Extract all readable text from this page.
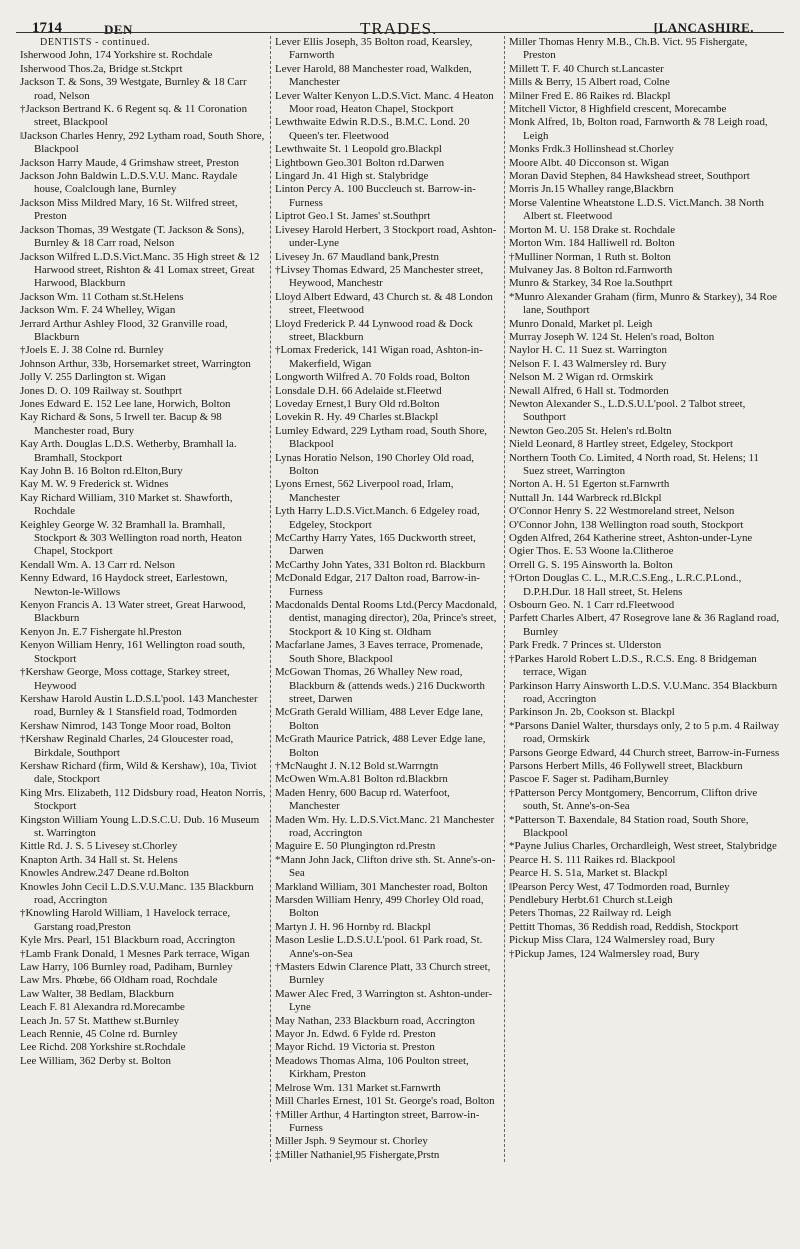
1714	DEN	TRADES.	[LANCASHIRE.
DENTISTS - continued.
Isherwood John, 174 Yorkshire st. Rochdale
Isherwood Thos.2a, Bridge st.Stckprt
Jackson T. & Sons, 39 Westgate, Burnley & 18 Carr road, Nelson
†Jackson Bertrand K. 6 Regent sq. & 11 Coronation street, Blackpool
‖Jackson Charles Henry, 292 Lytham road, South Shore, Blackpool
Jackson Harry Maude, 4 Grimshaw street, Preston
Jackson John Baldwin L.D.S.V.U. Manc. Raydale house, Coalclough lane, Burnley
Jackson Miss Mildred Mary, 16 St. Wilfred street, Preston
Jackson Thomas, 39 Westgate (T. Jackson & Sons), Burnley & 18 Carr road, Nelson
Jackson Wilfred L.D.S.Vict.Manc. 35 High street & 12 Harwood street, Rishton & 41 Lomax street, Great Harwood, Blackburn
Jackson Wm. 11 Cotham st.St.Helens
Jackson Wm. F. 24 Whelley, Wigan
Jerrard Arthur Ashley Flood, 32 Granville road, Blackburn
†Joels E. J. 38 Colne rd. Burnley
Johnson Arthur, 33b, Horsemarket street, Warrington
Jolly V. 255 Darlington st. Wigan
Jones D. O. 109 Railway st. Southprt
Jones Edward E. 152 Lee lane, Horwich, Bolton
Kay Richard & Sons, 5 Irwell ter. Bacup & 98 Manchester road, Bury
Kay Arth. Douglas L.D.S. Wetherby, Bramhall la. Bramhall, Stockport
Kay John B. 16 Bolton rd.Elton,Bury
Kay M. W. 9 Frederick st. Widnes
Kay Richard William, 310 Market st. Shawforth, Rochdale
Keighley George W. 32 Bramhall la. Bramhall, Stockport & 303 Wellington road north, Heaton Chapel, Stockport
Kendall Wm. A. 13 Carr rd. Nelson
Kenny Edward, 16 Haydock street, Earlestown, Newton-le-Willows
Kenyon Francis A. 13 Water street, Great Harwood, Blackburn
Kenyon Jn. E.7 Fishergate hl.Preston
Kenyon William Henry, 161 Wellington road south, Stockport
†Kershaw George, Moss cottage, Starkey street, Heywood
Kershaw Harold Austin L.D.S.L'pool. 143 Manchester road, Burnley & 1 Stansfield road, Todmorden
Kershaw Nimrod, 143 Tonge Moor road, Bolton
†Kershaw Reginald Charles, 24 Gloucester road, Birkdale, Southport
Kershaw Richard (firm, Wild & Kershaw), 10a, Tiviot dale, Stockport
King Mrs. Elizabeth, 112 Didsbury road, Heaton Norris, Stockport
Kingston William Young L.D.S.C.U. Dub. 16 Museum st. Warrington
Kittle Rd. J. S. 5 Livesey st.Chorley
Knapton Arth. 34 Hall st. St. Helens
Knowles Andrew.247 Deane rd.Bolton
Knowles John Cecil L.D.S.V.U.Manc. 135 Blackburn road, Accrington
†Knowling Harold William, 1 Havelock terrace, Garstang road,Preston
Kyle Mrs. Pearl, 151 Blackburn road, Accrington
†Lamb Frank Donald, 1 Mesnes Park terrace, Wigan
Law Harry, 106 Burnley road, Padiham, Burnley
Law Mrs. Phœbe, 66 Oldham road, Rochdale
Law Walter, 38 Bedlam, Blackburn
Leach F. 81 Alexandra rd.Morecambe
Leach Jn. 57 St. Matthew st.Burnley
Leach Rennie, 45 Colne rd. Burnley
Lee Richd. 208 Yorkshire st.Rochdale
Lee William, 362 Derby st. Bolton
Lever Ellis Joseph, 35 Bolton road, Kearsley, Farnworth
Lever Harold, 88 Manchester road, Walkden, Manchester
Lever Walter Kenyon L.D.S.Vict. Manc. 4 Heaton Moor road, Heaton Chapel, Stockport
Lewthwaite Edwin R.D.S., B.M.C. Lond. 20 Queen's ter. Fleetwood
Lewthwaite St. 1 Leopold gro.Blackpl
Lightbown Geo.301 Bolton rd.Darwen
Lingard Jn. 41 High st. Stalybridge
Linton Percy A. 100 Buccleuch st. Barrow-in-Furness
Liptrot Geo.1 St. James' st.Southprt
Livesey Harold Herbert, 3 Stockport road, Ashton-under-Lyne
Livesey Jn. 67 Maudland bank,Prestn
†Livsey Thomas Edward, 25 Manchester street, Heywood, Manchestr
Lloyd Albert Edward, 43 Church st. & 48 London street, Fleetwood
Lloyd Frederick P. 44 Lynwood road & Dock street, Blackburn
†Lomax Frederick, 141 Wigan road, Ashton-in-Makerfield, Wigan
Longworth Wilfred A. 70 Folds road, Bolton
Lonsdale D.H. 66 Adelaide st.Fleetwd
Loveday Ernest,1 Bury Old rd.Bolton
Lovekin R. Hy. 49 Charles st.Blackpl
Lumley Edward, 229 Lytham road, South Shore, Blackpool
Lynas Horatio Nelson, 190 Chorley Old road, Bolton
Lyons Ernest, 562 Liverpool road, Irlam, Manchester
Lyth Harry L.D.S.Vict.Manch. 6 Edgeley road, Edgeley, Stockport
McCarthy Harry Yates, 165 Duckworth street, Darwen
McCarthy John Yates, 331 Bolton rd. Blackburn
McDonald Edgar, 217 Dalton road, Barrow-in-Furness
Macdonalds Dental Rooms Ltd.(Percy Macdonald, dentist, managing director), 20a, Prince's street, Stockport & 10 King st. Oldham
Macfarlane James, 3 Eaves terrace, Promenade, South Shore, Blackpool
McGowan Thomas, 26 Whalley New road, Blackburn & (attends weds.) 216 Duckworth street, Darwen
McGrath Gerald William, 488 Lever Edge lane, Bolton
McGrath Maurice Patrick, 488 Lever Edge lane, Bolton
†McNaught J. N.12 Bold st.Warrngtn
McOwen Wm.A.81 Bolton rd.Blackbrn
Maden Henry, 600 Bacup rd. Waterfoot, Manchester
Maden Wm. Hy. L.D.S.Vict.Manc. 21 Manchester road, Accrington
Maguire E. 50 Plungington rd.Prestn
*Mann John Jack, Clifton drive sth. St. Anne's-on-Sea
Markland William, 301 Manchester road, Bolton
Marsden William Henry, 499 Chorley Old road, Bolton
Martyn J. H. 96 Hornby rd. Blackpl
Mason Leslie L.D.S.U.L'pool. 61 Park road, St. Anne's-on-Sea
†Masters Edwin Clarence Platt, 33 Church street, Burnley
Mawer Alec Fred, 3 Warrington st. Ashton-under-Lyne
May Nathan, 233 Blackburn road, Accrington
Mayor Jn. Edwd. 6 Fylde rd. Preston
Mayor Richd. 19 Victoria st. Preston
Meadows Thomas Alma, 106 Poulton street, Kirkham, Preston
Melrose Wm. 131 Market st.Farnwrth
Mill Charles Ernest, 101 St. George's road, Bolton
†Miller Arthur, 4 Hartington street, Barrow-in-Furness
Miller Jsph. 9 Seymour st. Chorley
‡Miller Nathaniel,95 Fishergate,Prstn
Miller Thomas Henry M.B., Ch.B. Vict. 95 Fishergate, Preston
Millett T. F. 40 Church st.Lancaster
Mills & Berry, 15 Albert road, Colne
Milner Fred E. 86 Raikes rd. Blackpl
Mitchell Victor, 8 Highfield crescent, Morecambe
Monk Alfred, 1b, Bolton road, Farnworth & 78 Leigh road, Leigh
Monks Frdk.3 Hollinshead st.Chorley
Moore Albt. 40 Dicconson st. Wigan
Moran David Stephen, 84 Hawkshead street, Southport
Morris Jn.15 Whalley range,Blackbrn
Morse Valentine Wheatstone L.D.S. Vict.Manch. 38 North Albert st. Fleetwood
Morton M. U. 158 Drake st. Rochdale
Morton Wm. 184 Halliwell rd. Bolton
†Mulliner Norman, 1 Ruth st. Bolton
Mulvaney Jas. 8 Bolton rd.Farnworth
Munro & Starkey, 34 Roe la.Southprt
*Munro Alexander Graham (firm, Munro & Starkey), 34 Roe lane, Southport
Munro Donald, Market pl. Leigh
Murray Joseph W. 124 St. Helen's road, Bolton
Naylor H. C. 11 Suez st. Warrington
Nelson F. I. 43 Walmersley rd. Bury
Nelson M. 2 Wigan rd. Ormskirk
Newall Alfred, 6 Hall st. Todmorden
Newton Alexander S., L.D.S.U.L'pool. 2 Talbot street, Southport
Newton Geo.205 St. Helen's rd.Boltn
Nield Leonard, 8 Hartley street, Edgeley, Stockport
Northern Tooth Co. Limited, 4 North road, St. Helens; 11 Suez street, Warrington
Norton A. H. 51 Egerton st.Farnwrth
Nuttall Jn. 144 Warbreck rd.Blckpl
O'Connor Henry S. 22 Westmoreland street, Nelson
O'Connor John, 138 Wellington road south, Stockport
Ogden Alfred, 264 Katherine street, Ashton-under-Lyne
Ogier Thos. E. 53 Woone la.Clitheroe
Orrell G. S. 195 Ainsworth la. Bolton
†Orton Douglas C. L., M.R.C.S.Eng., L.R.C.P.Lond., D.P.H.Dur. 18 Hall street, St. Helens
Osbourn Geo. N. 1 Carr rd.Fleetwood
Parfett Charles Albert, 47 Rosegrove lane & 36 Ragland road, Burnley
Park Fredk. 7 Princes st. Ulderston
†Parkes Harold Robert L.D.S., R.C.S. Eng. 8 Bridgeman terrace, Wigan
Parkinson Harry Ainsworth L.D.S. V.U.Manc. 354 Blackburn road, Accrington
Parkinson Jn. 2b, Cookson st. Blackpl
*Parsons Daniel Walter, thursdays only, 2 to 5 p.m. 4 Railway road, Ormskirk
Parsons George Edward, 44 Church street, Barrow-in-Furness
Parsons Herbert Mills, 46 Follywell street, Blackburn
Pascoe F. Sager st. Padiham,Burnley
†Patterson Percy Montgomery, Bencorrum, Clifton drive south, St. Anne's-on-Sea
*Patterson T. Baxendale, 84 Station road, South Shore, Blackpool
*Payne Julius Charles, Orchardleigh, West street, Stalybridge
Pearce H. S. 111 Raikes rd. Blackpool
Pearce H. S. 51a, Market st. Blackpl
‖Pearson Percy West, 47 Todmorden road, Burnley
Pendlebury Herbt.61 Church st.Leigh
Peters Thomas, 22 Railway rd. Leigh
Pettitt Thomas, 36 Reddish road, Reddish, Stockport
Pickup Miss Clara, 124 Walmersley road, Bury
†Pickup James, 124 Walmersley road, Bury
